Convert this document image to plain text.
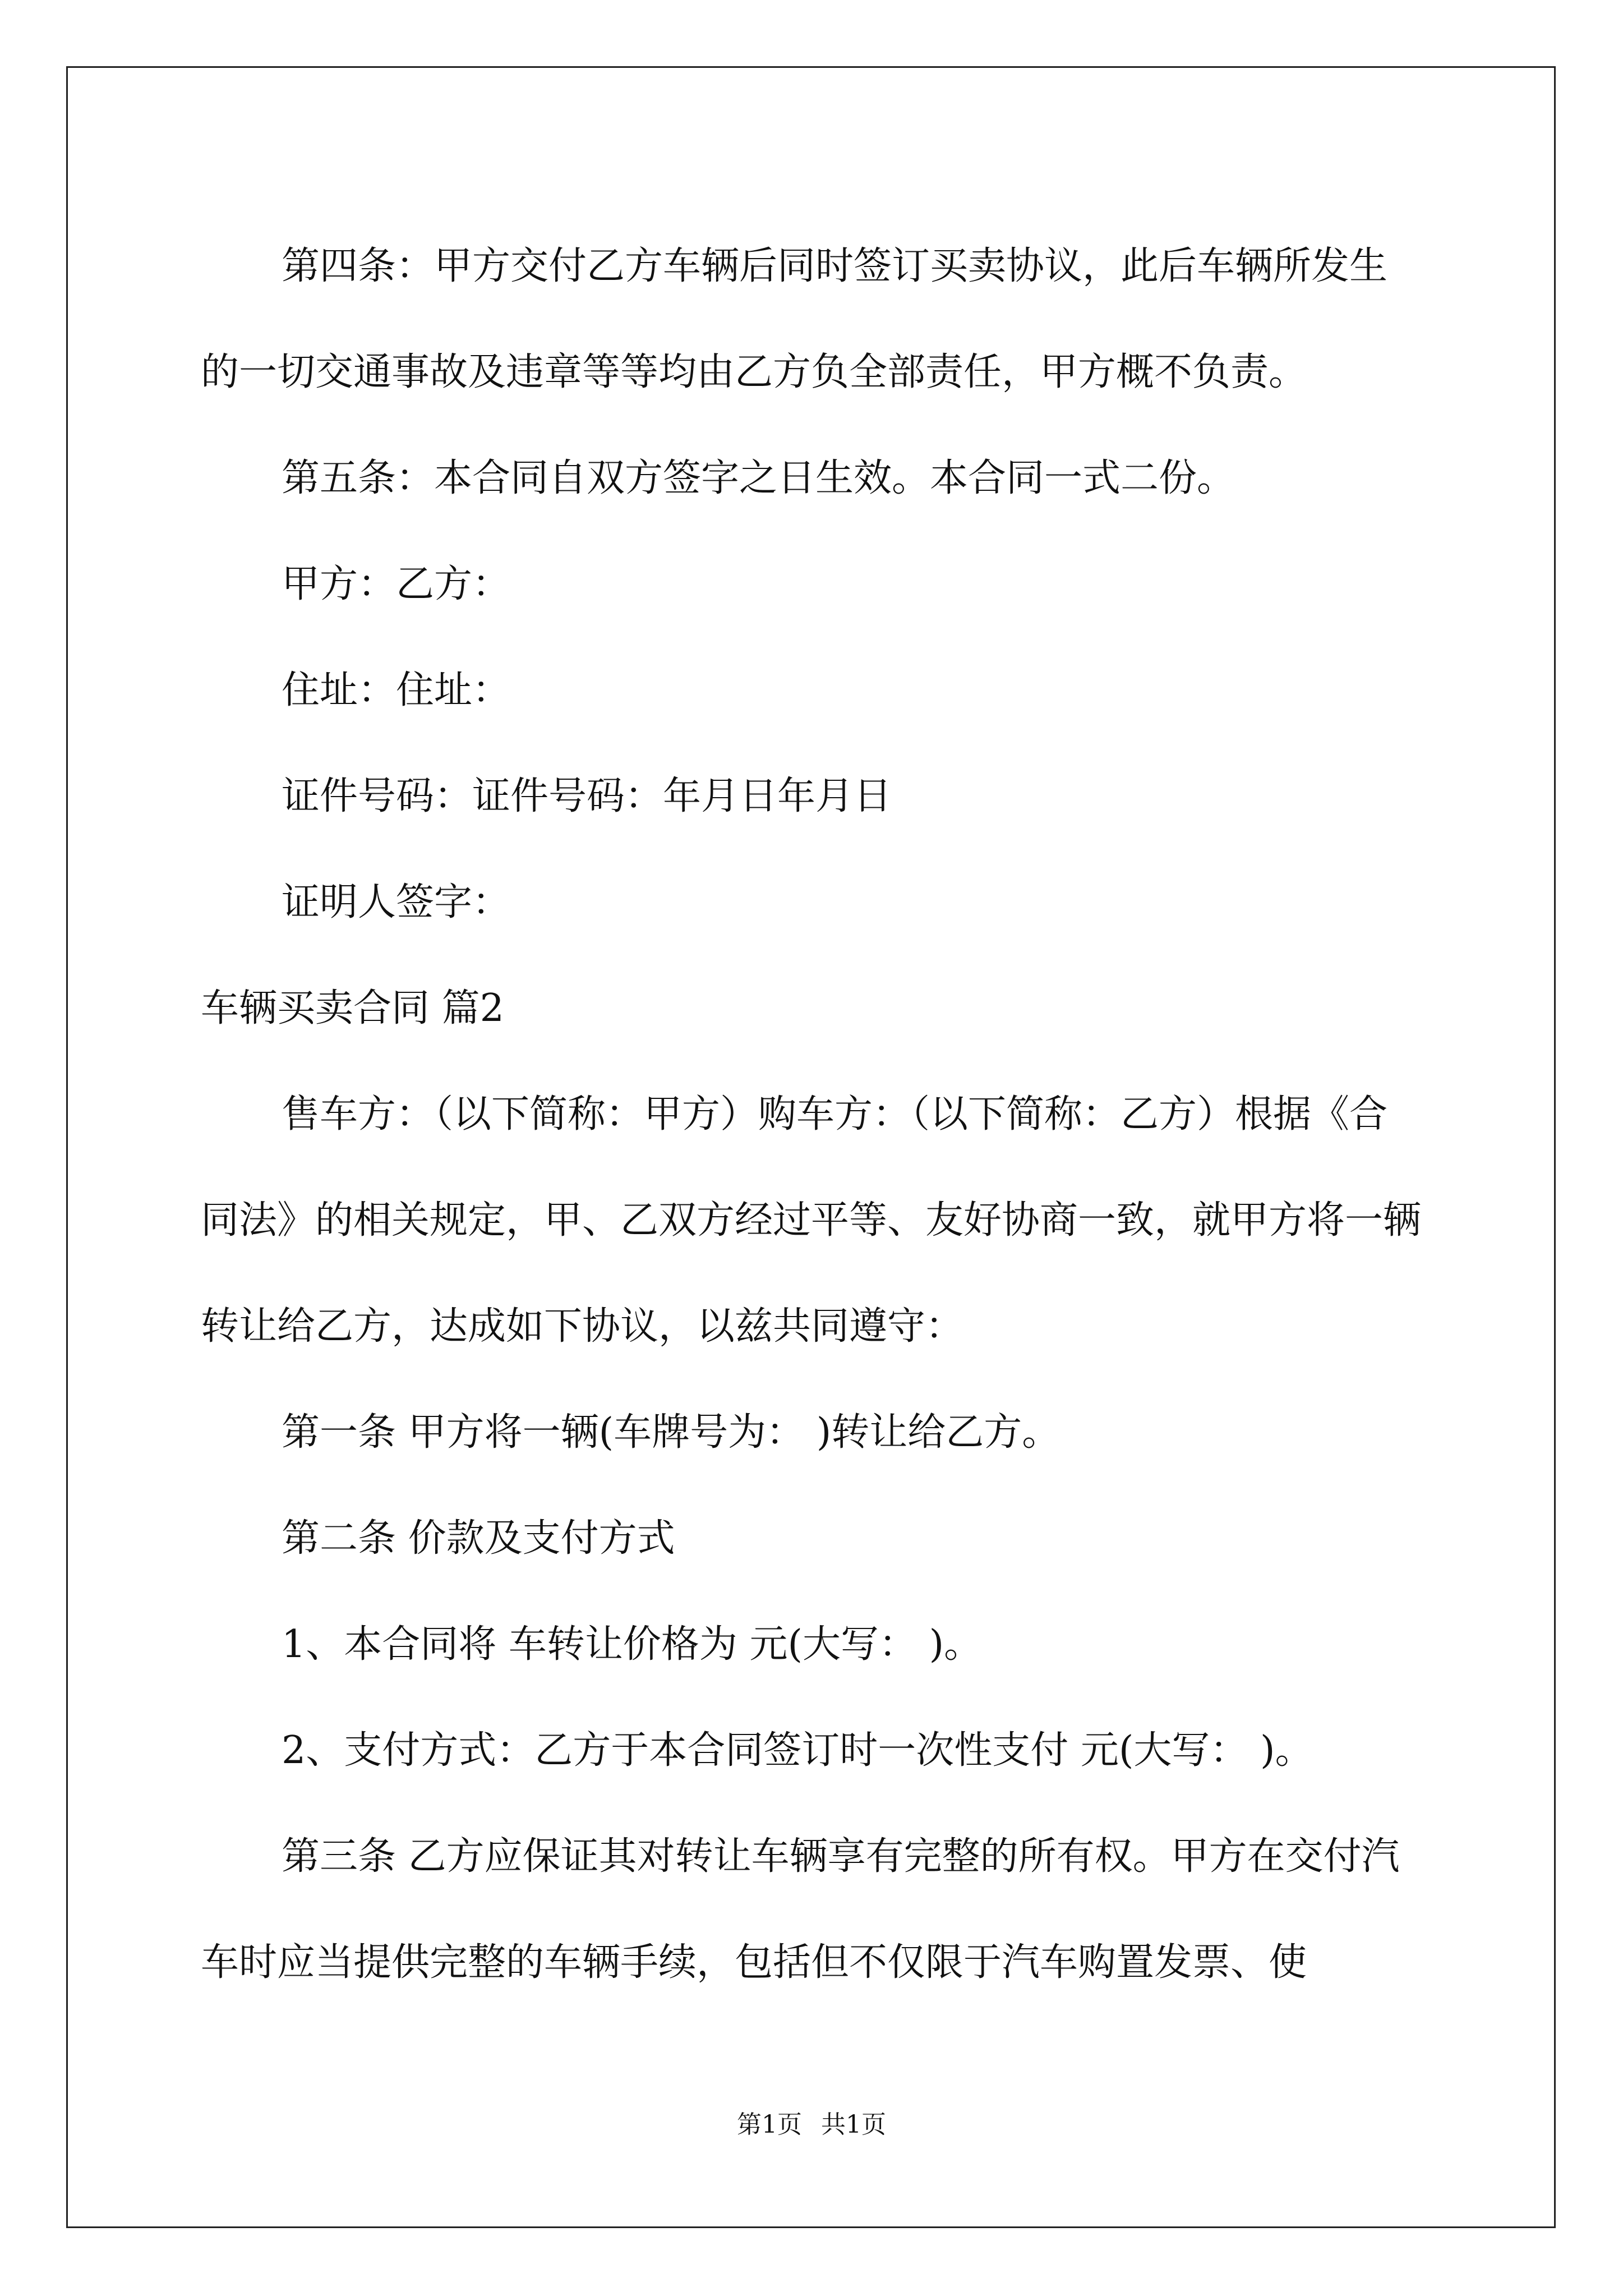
第四条：甲方交付乙方车辆后同时签订买卖协议，此后车辆所发生的一切交通事故及违章等等均由乙方负全部责任，甲方概不负责。

第五条：本合同自双方签字之日生效。本合同一式二份。

甲方：乙方：

住址：住址：

证件号码：证件号码：年月日年月日

证明人签字：

车辆买卖合同 篇2

售车方：（以下简称：甲方）购车方：（以下简称：乙方）根据《合同法》的相关规定，甲、乙双方经过平等、友好协商一致，就甲方将一辆 转让给乙方，达成如下协议，以兹共同遵守：

第一条 甲方将一辆(车牌号为： )转让给乙方。

第二条 价款及支付方式

1、本合同将 车转让价格为 元(大写： )。

2、支付方式：乙方于本合同签订时一次性支付 元(大写： )。

第三条 乙方应保证其对转让车辆享有完整的所有权。甲方在交付汽车时应当提供完整的车辆手续，包括但不仅限于汽车购置发票、使

第1页 共1页
